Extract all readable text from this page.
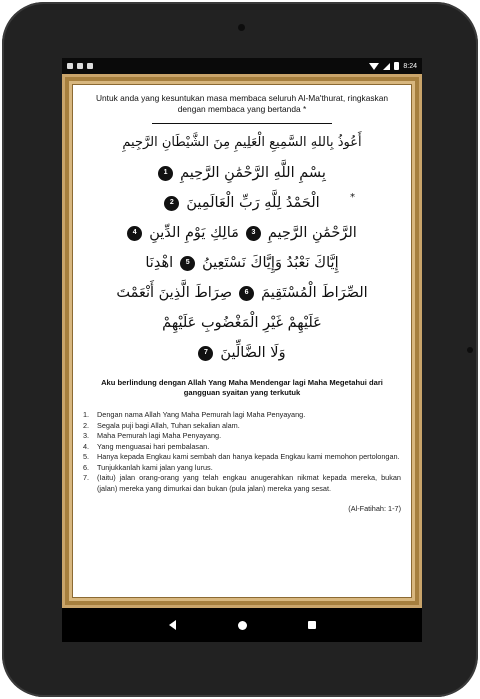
8:24

Untuk anda yang kesuntukan masa membaca seluruh Al-Ma'thurat, ringkaskan dengan membaca yang bertanda *

أَعُوذُ بِاللهِ السَّمِيعِ الْعَلِيمِ مِنَ الشَّيْطَانِ الرَّجِيمِ
*
بِسْمِ اللَّهِ الرَّحْمَٰنِ الرَّحِيمِ
1
الْحَمْدُ لِلَّهِ رَبِّ الْعَالَمِينَ
2
الرَّحْمَٰنِ الرَّحِيمِ
3
مَالِكِ يَوْمِ الدِّينِ
4
إِيَّاكَ نَعْبُدُ وَإِيَّاكَ نَسْتَعِينُ
5
اهْدِنَا
الصِّرَاطَ الْمُسْتَقِيمَ
6
صِرَاطَ الَّذِينَ أَنْعَمْتَ
عَلَيْهِمْ غَيْرِ الْمَغْضُوبِ عَلَيْهِمْ
وَلَا الضَّالِّينَ
7

Aku berlindung dengan Allah Yang Maha Mendengar lagi Maha Megetahui dari gangguan syaitan yang terkutuk

1.	Dengan nama Allah Yang Maha Pemurah lagi Maha Penyayang.
2.	Segala puji bagi Allah, Tuhan sekalian alam.
3.	Maha Pemurah lagi Maha Penyayang.
4.	Yang menguasai hari pembalasan.
5.	Hanya kepada Engkau kami sembah dan hanya kepada Engkau kami memohon pertolongan.
6.	Tunjukkanlah kami jalan yang lurus.
7.	(Iaitu) jalan orang-orang yang telah engkau anugerahkan nikmat kepada mereka, bukan (jalan) mereka yang dimurkai dan bukan (pula jalan) mereka yang sesat.

(Al-Fatihah: 1-7)
